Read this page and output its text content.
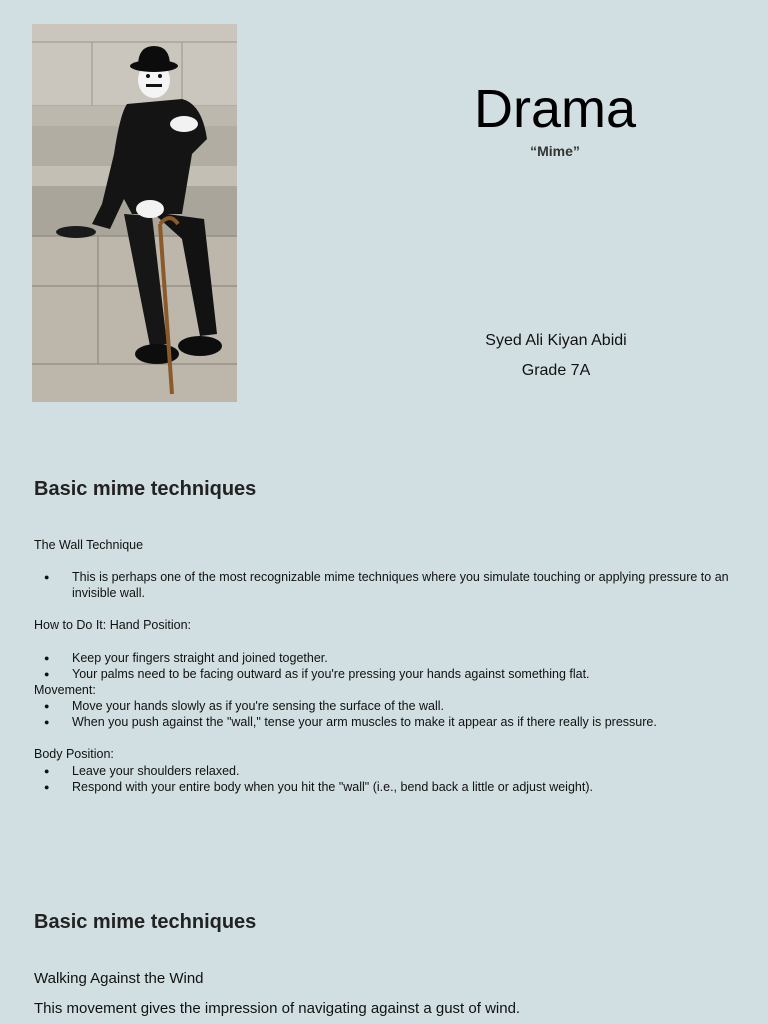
Drama
“Mime”
Syed Ali Kiyan Abidi
Grade 7A
Basic mime techniques
The Wall Technique
● This is perhaps one of the most recognizable mime techniques where you simulate touching or applying pressure to an invisible wall.
How to Do It: Hand Position:
● Keep your fingers straight and joined together.
● Your palms need to be facing outward as if you're pressing your hands against something flat.
Movement:
● Move your hands slowly as if you're sensing the surface of the wall.
● When you push against the "wall," tense your arm muscles to make it appear as if there really is pressure.
Body Position:
● Leave your shoulders relaxed.
● Respond with your entire body when you hit the "wall" (i.e., bend back a little or adjust weight).
Basic mime techniques
Walking Against the Wind
This movement gives the impression of navigating against a gust of wind.
